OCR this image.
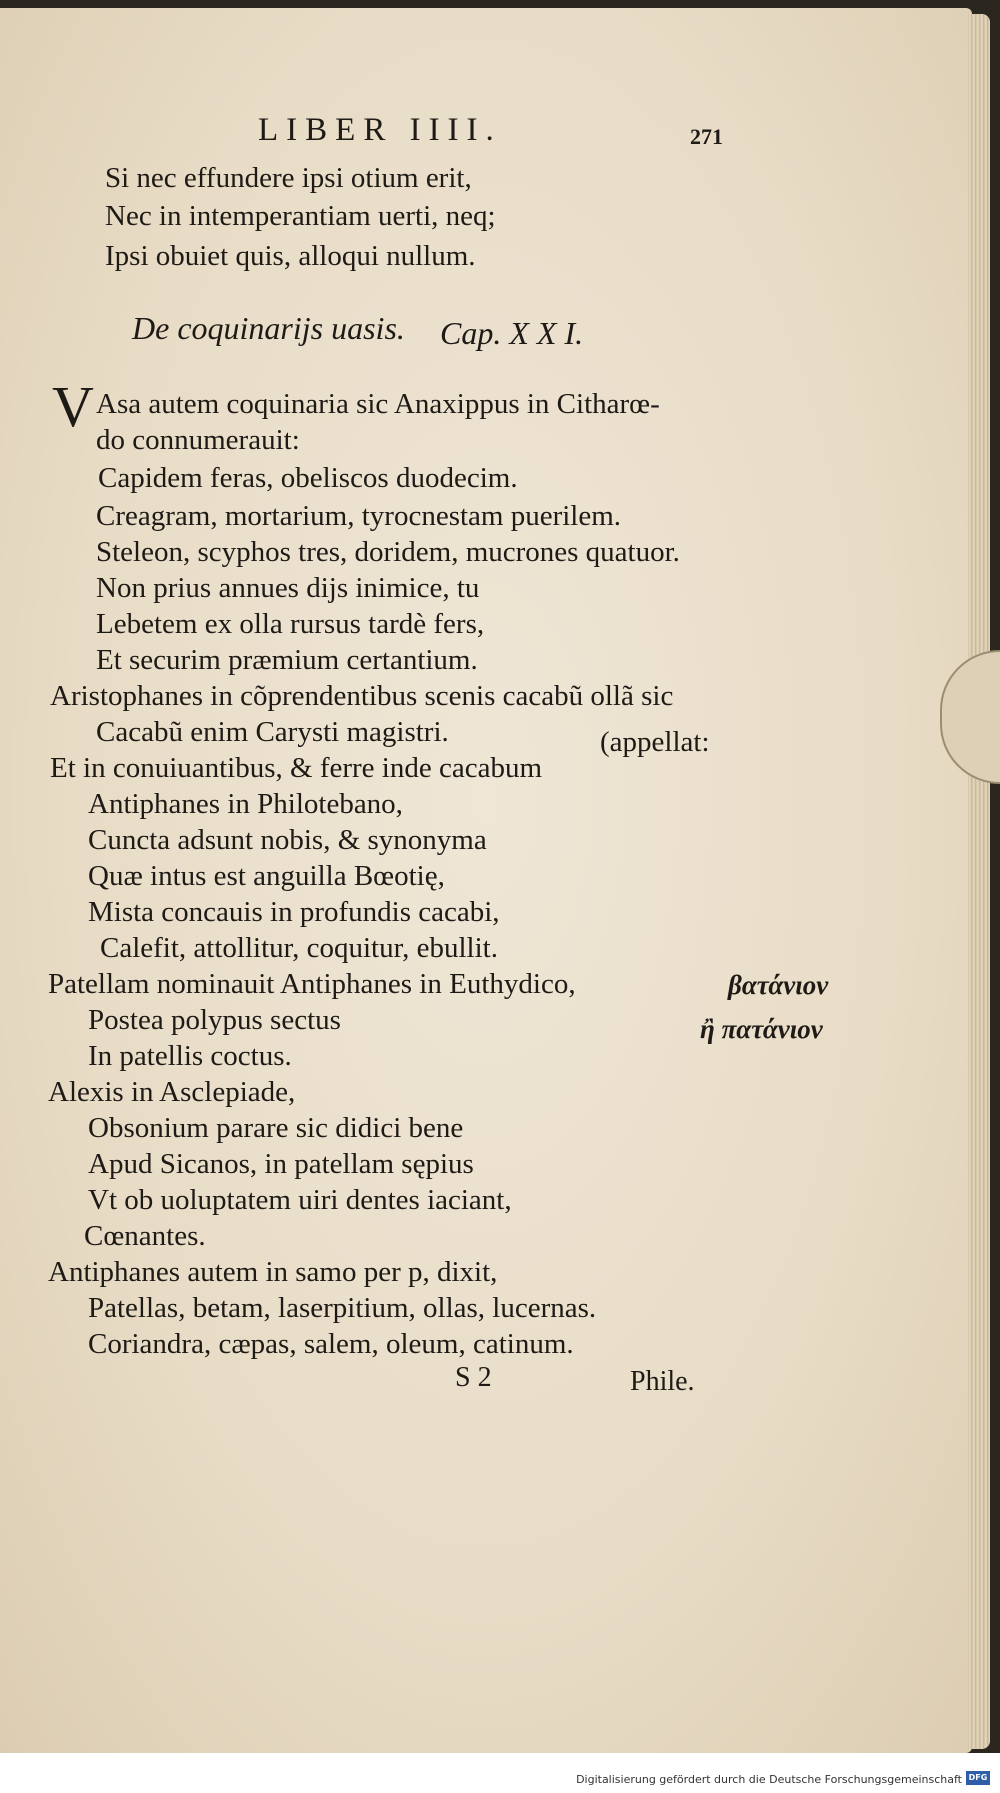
LIBER IIII.	271
Si nec effundere ipsi otium erit,
Nec in intemperantiam uerti, neq;
Ipsi obuiet quis, alloqui nullum.
De coquinarijs uasis. Cap. X X I.
V Asa autem coquinaria sic Anaxippus in Citharœ-
do connumerauit:
Capidem feras, obeliscos duodecim.
Creagram, mortarium, tyrocnestam puerilem.
Steleon, scyphos tres, doridem, mucrones quatuor.
Non prius annues dijs inimice, tu
Lebetem ex olla rursus tardè fers,
Et securim præmium certantium.
Aristophanes in cõprendentibus scenis cacabũ ollã sic
Cacabũ enim Carysti magistri.	(appellat:
Et in conuiuantibus, & ferre inde cacabum
Antiphanes in Philotebano,
Cuncta adsunt nobis, & synonyma
Quæ intus est anguilla Bœotię,
Mista concauis in profundis cacabi,
Calefit, attollitur, coquitur, ebullit.
Patellam nominauit Antiphanes in Euthydico,	βατάνιον
Postea polypus sectus	ἢ πατάνιον
In patellis coctus.
Alexis in Asclepiade,
Obsonium parare sic didici bene
Apud Sicanos, in patellam sępius
Vt ob uoluptatem uiri dentes iaciant,
Cœnantes.
Antiphanes autem in samo per p, dixit,
Patellas, betam, laserpitium, ollas, lucernas.
Coriandra, cæpas, salem, oleum, catinum.
S 2	Phile.
Digitalisierung gefördert durch die Deutsche Forschungsgemeinschaft DFG
